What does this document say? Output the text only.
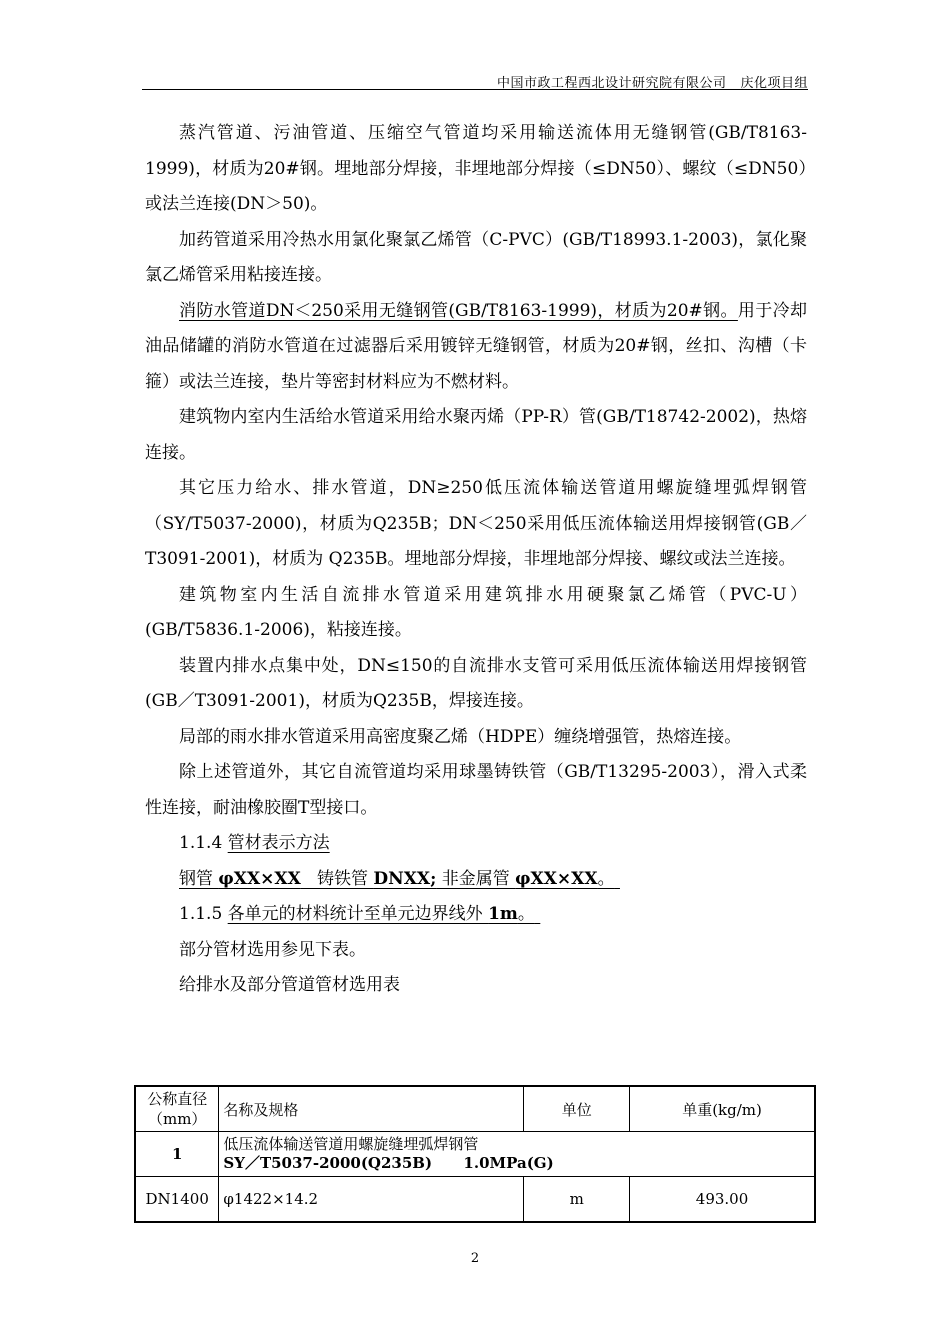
中国市政工程西北设计研究院有限公司 庆化项目组

蒸汽管道、污油管道、压缩空气管道均采用输送流体用无缝钢管(GB/T8163-1999)，材质为20#钢。埋地部分焊接，非埋地部分焊接（≤DN50）、螺纹（≤DN50）或法兰连接(DN＞50)。

加药管道采用冷热水用氯化聚氯乙烯管（C-PVC）(GB/T18993.1-2003)，氯化聚氯乙烯管采用粘接连接。

消防水管道DN＜250采用无缝钢管(GB/T8163-1999)，材质为20#钢。用于冷却油品储罐的消防水管道在过滤器后采用镀锌无缝钢管，材质为20#钢，丝扣、沟槽（卡箍）或法兰连接，垫片等密封材料应为不燃材料。

建筑物内室内生活给水管道采用给水聚丙烯（PP-R）管(GB/T18742-2002)，热熔连接。

其它压力给水、排水管道，DN≥250低压流体输送管道用螺旋缝埋弧焊钢管（SY/T5037-2000)，材质为Q235B；DN＜250采用低压流体输送用焊接钢管(GB／T3091-2001)，材质为 Q235B。埋地部分焊接，非埋地部分焊接、螺纹或法兰连接。

建筑物室内生活自流排水管道采用建筑排水用硬聚氯乙烯管（PVC-U）(GB/T5836.1-2006)，粘接连接。

装置内排水点集中处，DN≤150的自流排水支管可采用低压流体输送用焊接钢管(GB／T3091-2001)，材质为Q235B，焊接连接。

局部的雨水排水管道采用高密度聚乙烯（HDPE）缠绕增强管，热熔连接。

除上述管道外，其它自流管道均采用球墨铸铁管（GB/T13295-2003），滑入式柔性连接，耐油橡胶圈T型接口。

1.1.4 管材表示方法

钢管 φXX×XX   铸铁管 DNXX; 非金属管 φXX×XX。

1.1.5 各单元的材料统计至单元边界线外 1m。

部分管材选用参见下表。

给排水及部分管道管材选用表

公称直径（mm）	名称及规格	单位	单重(kg/m)
1	低压流体输送管道用螺旋缝埋弧焊钢管
SY／T5037-2000(Q235B)      1.0MPa(G)		

DN1400	φ1422×14.2	m	493.00
2
